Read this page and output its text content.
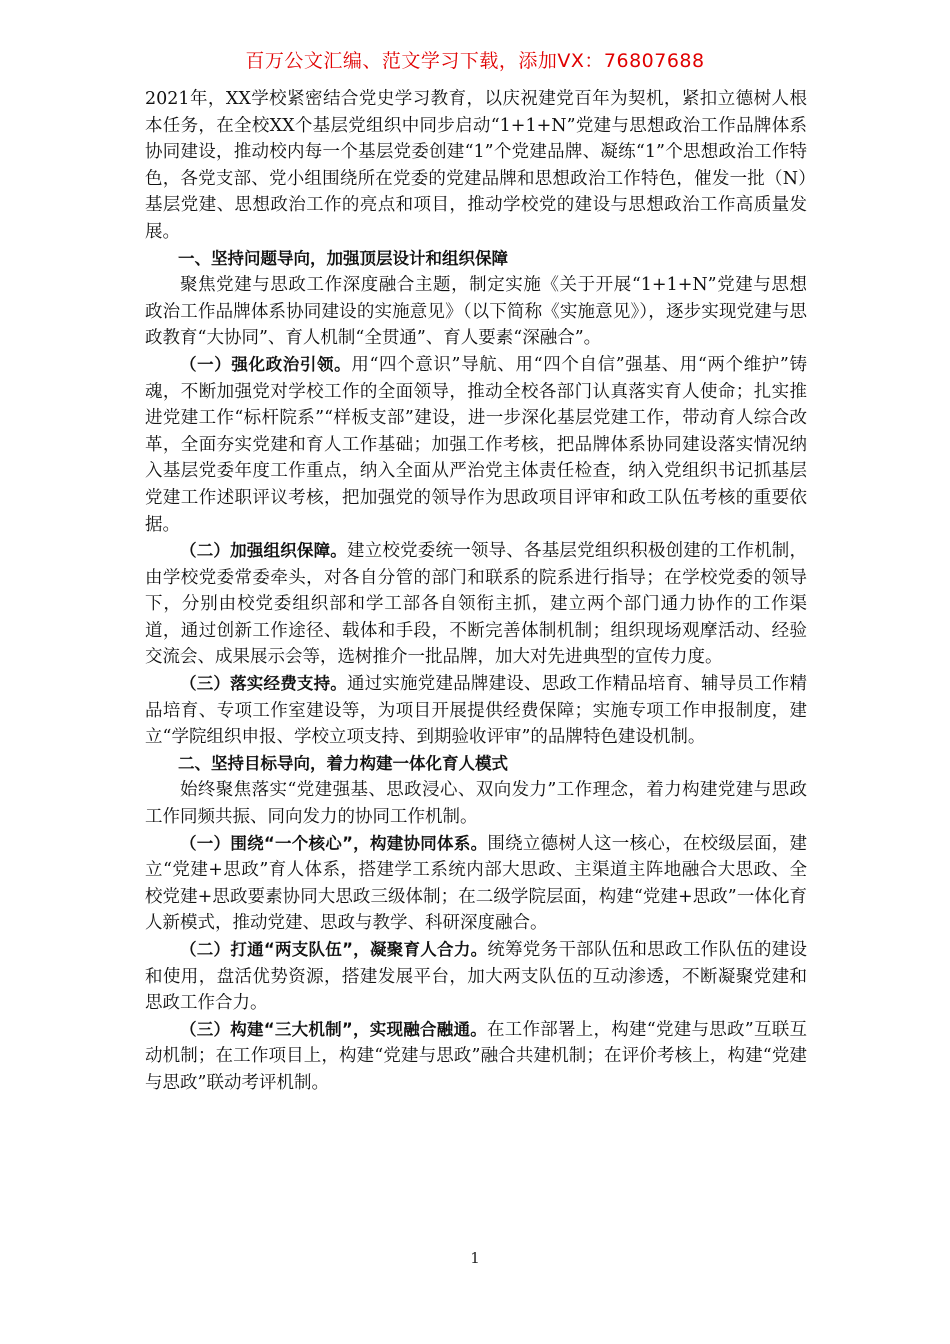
百万公文汇编、范文学习下载，添加VX：76807688

2021年，XX学校紧密结合党史学习教育，以庆祝建党百年为契机，紧扣立德树人根本任务，在全校XX个基层党组织中同步启动“1+1+N”党建与思想政治工作品牌体系协同建设，推动校内每一个基层党委创建“1”个党建品牌、凝练“1”个思想政治工作特色，各党支部、党小组围绕所在党委的党建品牌和思想政治工作特色，催发一批（N）基层党建、思想政治工作的亮点和项目，推动学校党的建设与思想政治工作高质量发展。

一、坚持问题导向，加强顶层设计和组织保障

聚焦党建与思政工作深度融合主题，制定实施《关于开展“1+1+N”党建与思想政治工作品牌体系协同建设的实施意见》（以下简称《实施意见》），逐步实现党建与思政教育“大协同”、育人机制“全贯通”、育人要素“深融合”。

（一）强化政治引领。用“四个意识”导航、用“四个自信”强基、用“两个维护”铸魂，不断加强党对学校工作的全面领导，推动全校各部门认真落实育人使命；扎实推进党建工作“标杆院系”“样板支部”建设，进一步深化基层党建工作，带动育人综合改革，全面夯实党建和育人工作基础；加强工作考核，把品牌体系协同建设落实情况纳入基层党委年度工作重点，纳入全面从严治党主体责任检查，纳入党组织书记抓基层党建工作述职评议考核，把加强党的领导作为思政项目评审和政工队伍考核的重要依据。

（二）加强组织保障。建立校党委统一领导、各基层党组织积极创建的工作机制，由学校党委常委牵头，对各自分管的部门和联系的院系进行指导；在学校党委的领导下，分别由校党委组织部和学工部各自领衔主抓，建立两个部门通力协作的工作渠道，通过创新工作途径、载体和手段，不断完善体制机制；组织现场观摩活动、经验交流会、成果展示会等，选树推介一批品牌，加大对先进典型的宣传力度。

（三）落实经费支持。通过实施党建品牌建设、思政工作精品培育、辅导员工作精品培育、专项工作室建设等，为项目开展提供经费保障；实施专项工作申报制度，建立“学院组织申报、学校立项支持、到期验收评审”的品牌特色建设机制。

二、坚持目标导向，着力构建一体化育人模式

始终聚焦落实“党建强基、思政浸心、双向发力”工作理念，着力构建党建与思政工作同频共振、同向发力的协同工作机制。

（一）围绕“一个核心”，构建协同体系。围绕立德树人这一核心，在校级层面，建立“党建+思政”育人体系，搭建学工系统内部大思政、主渠道主阵地融合大思政、全校党建+思政要素协同大思政三级体制；在二级学院层面，构建“党建+思政”一体化育人新模式，推动党建、思政与教学、科研深度融合。

（二）打通“两支队伍”，凝聚育人合力。统筹党务干部队伍和思政工作队伍的建设和使用，盘活优势资源，搭建发展平台，加大两支队伍的互动渗透，不断凝聚党建和思政工作合力。

（三）构建“三大机制”，实现融合融通。在工作部署上，构建“党建与思政”互联互动机制；在工作项目上，构建“党建与思政”融合共建机制；在评价考核上，构建“党建与思政”联动考评机制。

1
